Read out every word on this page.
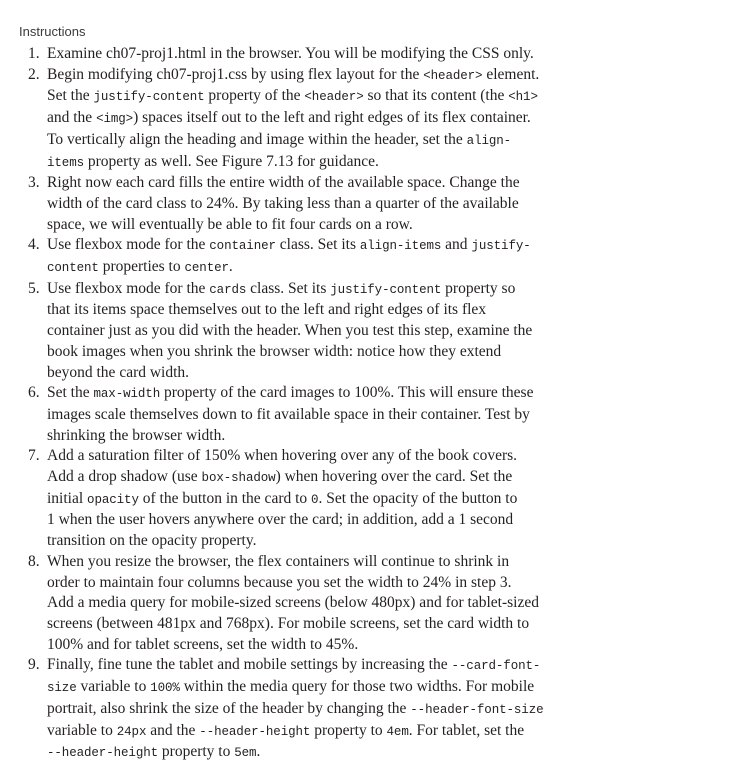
Instructions
1. Examine ch07-proj1.html in the browser. You will be modifying the CSS only.
2. Begin modifying ch07-proj1.css by using flex layout for the <header> element.
Set the justify-content property of the <header> so that its content (the <h1>
and the <img>) spaces itself out to the left and right edges of its flex container.
To vertically align the heading and image within the header, set the align-
items property as well. See Figure 7.13 for guidance.
3. Right now each card fills the entire width of the available space. Change the
width of the card class to 24%. By taking less than a quarter of the available
space, we will eventually be able to fit four cards on a row.
4. Use flexbox mode for the container class. Set its align-items and justify-
content properties to center.
5. Use flexbox mode for the cards class. Set its justify-content property so
that its items space themselves out to the left and right edges of its flex
container just as you did with the header. When you test this step, examine the
book images when you shrink the browser width: notice how they extend
beyond the card width.
6. Set the max-width property of the card images to 100%. This will ensure these
images scale themselves down to fit available space in their container. Test by
shrinking the browser width.
7. Add a saturation filter of 150% when hovering over any of the book covers.
Add a drop shadow (use box-shadow) when hovering over the card. Set the
initial opacity of the button in the card to 0. Set the opacity of the button to
1 when the user hovers anywhere over the card; in addition, add a 1 second
transition on the opacity property.
8. When you resize the browser, the flex containers will continue to shrink in
order to maintain four columns because you set the width to 24% in step 3.
Add a media query for mobile-sized screens (below 480px) and for tablet-sized
screens (between 481px and 768px). For mobile screens, set the card width to
100% and for tablet screens, set the width to 45%.
9. Finally, fine tune the tablet and mobile settings by increasing the --card-font-
size variable to 100% within the media query for those two widths. For mobile
portrait, also shrink the size of the header by changing the --header-font-size
variable to 24px and the --header-height property to 4em. For tablet, set the
--header-height property to 5em.
